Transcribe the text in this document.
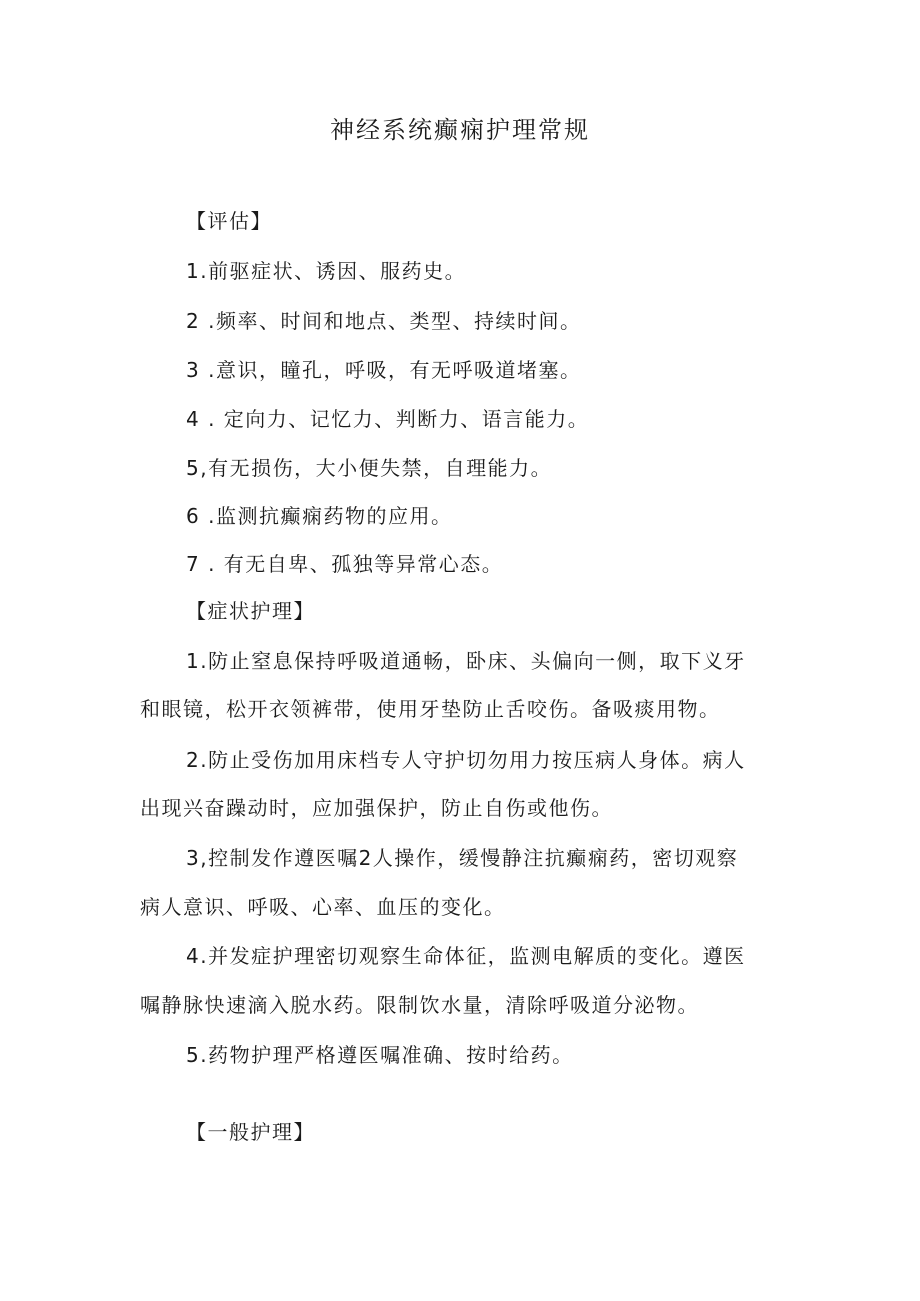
神经系统癫痫护理常规
【评估】
1.前驱症状、诱因、服药史。
2 .频率、时间和地点、类型、持续时间。
3 .意识，瞳孔，呼吸，有无呼吸道堵塞。
4 . 定向力、记忆力、判断力、语言能力。
5,有无损伤，大小便失禁，自理能力。
6 .监测抗癫痫药物的应用。
7 . 有无自卑、孤独等异常心态。
【症状护理】
1.防止窒息保持呼吸道通畅，卧床、头偏向一侧，取下义牙
和眼镜，松开衣领裤带，使用牙垫防止舌咬伤。备吸痰用物。
2.防止受伤加用床档专人守护切勿用力按压病人身体。病人
出现兴奋躁动时，应加强保护，防止自伤或他伤。
3,控制发作遵医嘱2人操作，缓慢静注抗癫痫药，密切观察
病人意识、呼吸、心率、血压的变化。
4.并发症护理密切观察生命体征，监测电解质的变化。遵医
嘱静脉快速滴入脱水药。限制饮水量，清除呼吸道分泌物。
5.药物护理严格遵医嘱准确、按时给药。
【一般护理】
